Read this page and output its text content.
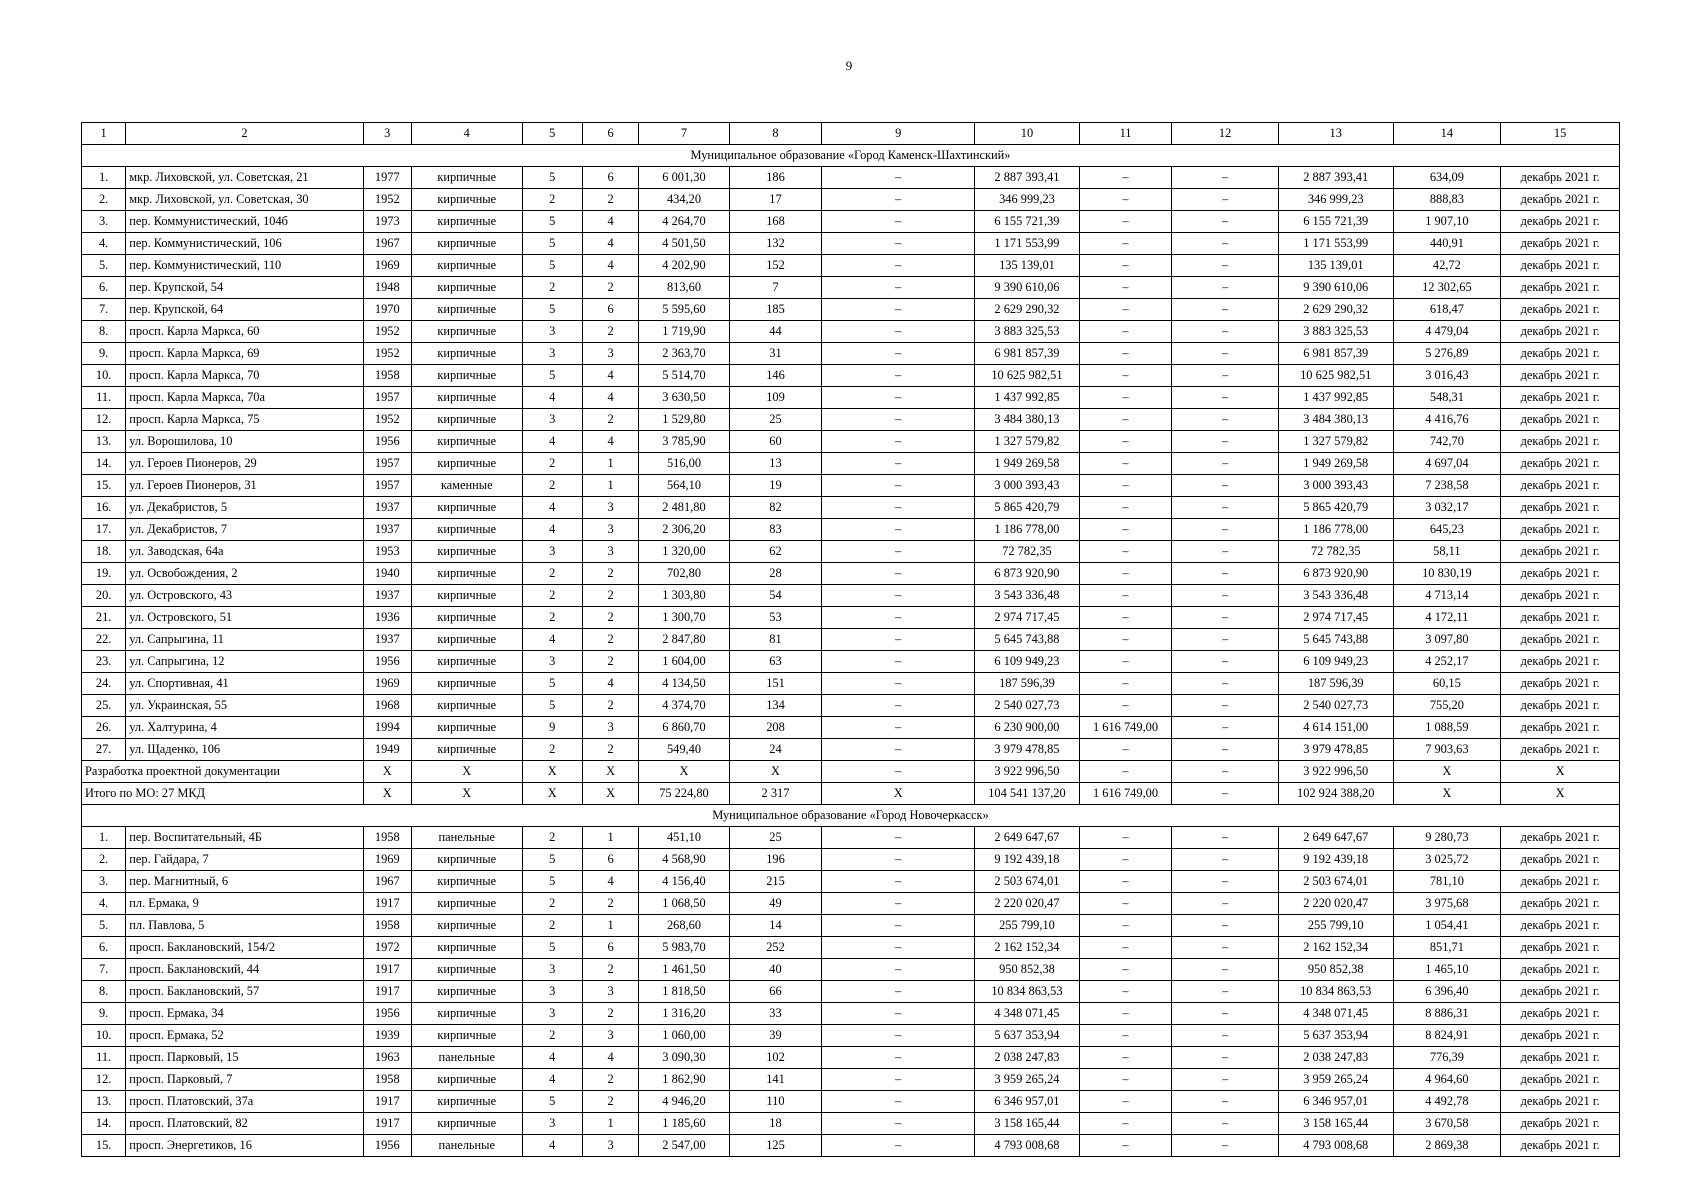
9
1	2	3	4	5	6	7	8	9	10	11	12	13	14	15
Муниципальное образование «Город Каменск-Шахтинский»														
1.	мкр. Лиховской, ул. Советская, 21	1977	кирпичные	5	6	6 001,30	186	–	2 887 393,41	–	–	2 887 393,41	634,09	декабрь 2021 г.
2.	мкр. Лиховской, ул. Советская, 30	1952	кирпичные	2	2	434,20	17	–	346 999,23	–	–	346 999,23	888,83	декабрь 2021 г.
3.	пер. Коммунистический, 104б	1973	кирпичные	5	4	4 264,70	168	–	6 155 721,39	–	–	6 155 721,39	1 907,10	декабрь 2021 г.
4.	пер. Коммунистический, 106	1967	кирпичные	5	4	4 501,50	132	–	1 171 553,99	–	–	1 171 553,99	440,91	декабрь 2021 г.
5.	пер. Коммунистический, 110	1969	кирпичные	5	4	4 202,90	152	–	135 139,01	–	–	135 139,01	42,72	декабрь 2021 г.
6.	пер. Крупской, 54	1948	кирпичные	2	2	813,60	7	–	9 390 610,06	–	–	9 390 610,06	12 302,65	декабрь 2021 г.
7.	пер. Крупской, 64	1970	кирпичные	5	6	5 595,60	185	–	2 629 290,32	–	–	2 629 290,32	618,47	декабрь 2021 г.
8.	просп. Карла Маркса, 60	1952	кирпичные	3	2	1 719,90	44	–	3 883 325,53	–	–	3 883 325,53	4 479,04	декабрь 2021 г.
9.	просп. Карла Маркса, 69	1952	кирпичные	3	3	2 363,70	31	–	6 981 857,39	–	–	6 981 857,39	5 276,89	декабрь 2021 г.
10.	просп. Карла Маркса, 70	1958	кирпичные	5	4	5 514,70	146	–	10 625 982,51	–	–	10 625 982,51	3 016,43	декабрь 2021 г.
11.	просп. Карла Маркса, 70а	1957	кирпичные	4	4	3 630,50	109	–	1 437 992,85	–	–	1 437 992,85	548,31	декабрь 2021 г.
12.	просп. Карла Маркса, 75	1952	кирпичные	3	2	1 529,80	25	–	3 484 380,13	–	–	3 484 380,13	4 416,76	декабрь 2021 г.
13.	ул. Ворошилова, 10	1956	кирпичные	4	4	3 785,90	60	–	1 327 579,82	–	–	1 327 579,82	742,70	декабрь 2021 г.
14.	ул. Героев Пионеров, 29	1957	кирпичные	2	1	516,00	13	–	1 949 269,58	–	–	1 949 269,58	4 697,04	декабрь 2021 г.
15.	ул. Героев Пионеров, 31	1957	каменные	2	1	564,10	19	–	3 000 393,43	–	–	3 000 393,43	7 238,58	декабрь 2021 г.
16.	ул. Декабристов, 5	1937	кирпичные	4	3	2 481,80	82	–	5 865 420,79	–	–	5 865 420,79	3 032,17	декабрь 2021 г.
17.	ул. Декабристов, 7	1937	кирпичные	4	3	2 306,20	83	–	1 186 778,00	–	–	1 186 778,00	645,23	декабрь 2021 г.
18.	ул. Заводская, 64а	1953	кирпичные	3	3	1 320,00	62	–	72 782,35	–	–	72 782,35	58,11	декабрь 2021 г.
19.	ул. Освобождения, 2	1940	кирпичные	2	2	702,80	28	–	6 873 920,90	–	–	6 873 920,90	10 830,19	декабрь 2021 г.
20.	ул. Островского, 43	1937	кирпичные	2	2	1 303,80	54	–	3 543 336,48	–	–	3 543 336,48	4 713,14	декабрь 2021 г.
21.	ул. Островского, 51	1936	кирпичные	2	2	1 300,70	53	–	2 974 717,45	–	–	2 974 717,45	4 172,11	декабрь 2021 г.
22.	ул. Сапрыгина, 11	1937	кирпичные	4	2	2 847,80	81	–	5 645 743,88	–	–	5 645 743,88	3 097,80	декабрь 2021 г.
23.	ул. Сапрыгина, 12	1956	кирпичные	3	2	1 604,00	63	–	6 109 949,23	–	–	6 109 949,23	4 252,17	декабрь 2021 г.
24.	ул. Спортивная, 41	1969	кирпичные	5	4	4 134,50	151	–	187 596,39	–	–	187 596,39	60,15	декабрь 2021 г.
25.	ул. Украинская, 55	1968	кирпичные	5	2	4 374,70	134	–	2 540 027,73	–	–	2 540 027,73	755,20	декабрь 2021 г.
26.	ул. Халтурина, 4	1994	кирпичные	9	3	6 860,70	208	–	6 230 900,00	1 616 749,00	–	4 614 151,00	1 088,59	декабрь 2021 г.
27.	ул. Щаденко, 106	1949	кирпичные	2	2	549,40	24	–	3 979 478,85	–	–	3 979 478,85	7 903,63	декабрь 2021 г.
Разработка проектной документации		X	X	X	X	X	X	–	3 922 996,50	–	–	3 922 996,50	X	X
Итого по МО: 27 МКД		X	X	X	X	75 224,80	2 317	X	104 541 137,20	1 616 749,00	–	102 924 388,20	X	X
Муниципальное образование «Город Новочеркасск»														
1.	пер. Воспитательный, 4Б	1958	панельные	2	1	451,10	25	–	2 649 647,67	–	–	2 649 647,67	9 280,73	декабрь 2021 г.
2.	пер. Гайдара, 7	1969	кирпичные	5	6	4 568,90	196	–	9 192 439,18	–	–	9 192 439,18	3 025,72	декабрь 2021 г.
3.	пер. Магнитный, 6	1967	кирпичные	5	4	4 156,40	215	–	2 503 674,01	–	–	2 503 674,01	781,10	декабрь 2021 г.
4.	пл. Ермака, 9	1917	кирпичные	2	2	1 068,50	49	–	2 220 020,47	–	–	2 220 020,47	3 975,68	декабрь 2021 г.
5.	пл. Павлова, 5	1958	кирпичные	2	1	268,60	14	–	255 799,10	–	–	255 799,10	1 054,41	декабрь 2021 г.
6.	просп. Баклановский, 154/2	1972	кирпичные	5	6	5 983,70	252	–	2 162 152,34	–	–	2 162 152,34	851,71	декабрь 2021 г.
7.	просп. Баклановский, 44	1917	кирпичные	3	2	1 461,50	40	–	950 852,38	–	–	950 852,38	1 465,10	декабрь 2021 г.
8.	просп. Баклановский, 57	1917	кирпичные	3	3	1 818,50	66	–	10 834 863,53	–	–	10 834 863,53	6 396,40	декабрь 2021 г.
9.	просп. Ермака, 34	1956	кирпичные	3	2	1 316,20	33	–	4 348 071,45	–	–	4 348 071,45	8 886,31	декабрь 2021 г.
10.	просп. Ермака, 52	1939	кирпичные	2	3	1 060,00	39	–	5 637 353,94	–	–	5 637 353,94	8 824,91	декабрь 2021 г.
11.	просп. Парковый, 15	1963	панельные	4	4	3 090,30	102	–	2 038 247,83	–	–	2 038 247,83	776,39	декабрь 2021 г.
12.	просп. Парковый, 7	1958	кирпичные	4	2	1 862,90	141	–	3 959 265,24	–	–	3 959 265,24	4 964,60	декабрь 2021 г.
13.	просп. Платовский, 37а	1917	кирпичные	5	2	4 946,20	110	–	6 346 957,01	–	–	6 346 957,01	4 492,78	декабрь 2021 г.
14.	просп. Платовский, 82	1917	кирпичные	3	1	1 185,60	18	–	3 158 165,44	–	–	3 158 165,44	3 670,58	декабрь 2021 г.
15.	просп. Энергетиков, 16	1956	панельные	4	3	2 547,00	125	–	4 793 008,68	–	–	4 793 008,68	2 869,38	декабрь 2021 г.
